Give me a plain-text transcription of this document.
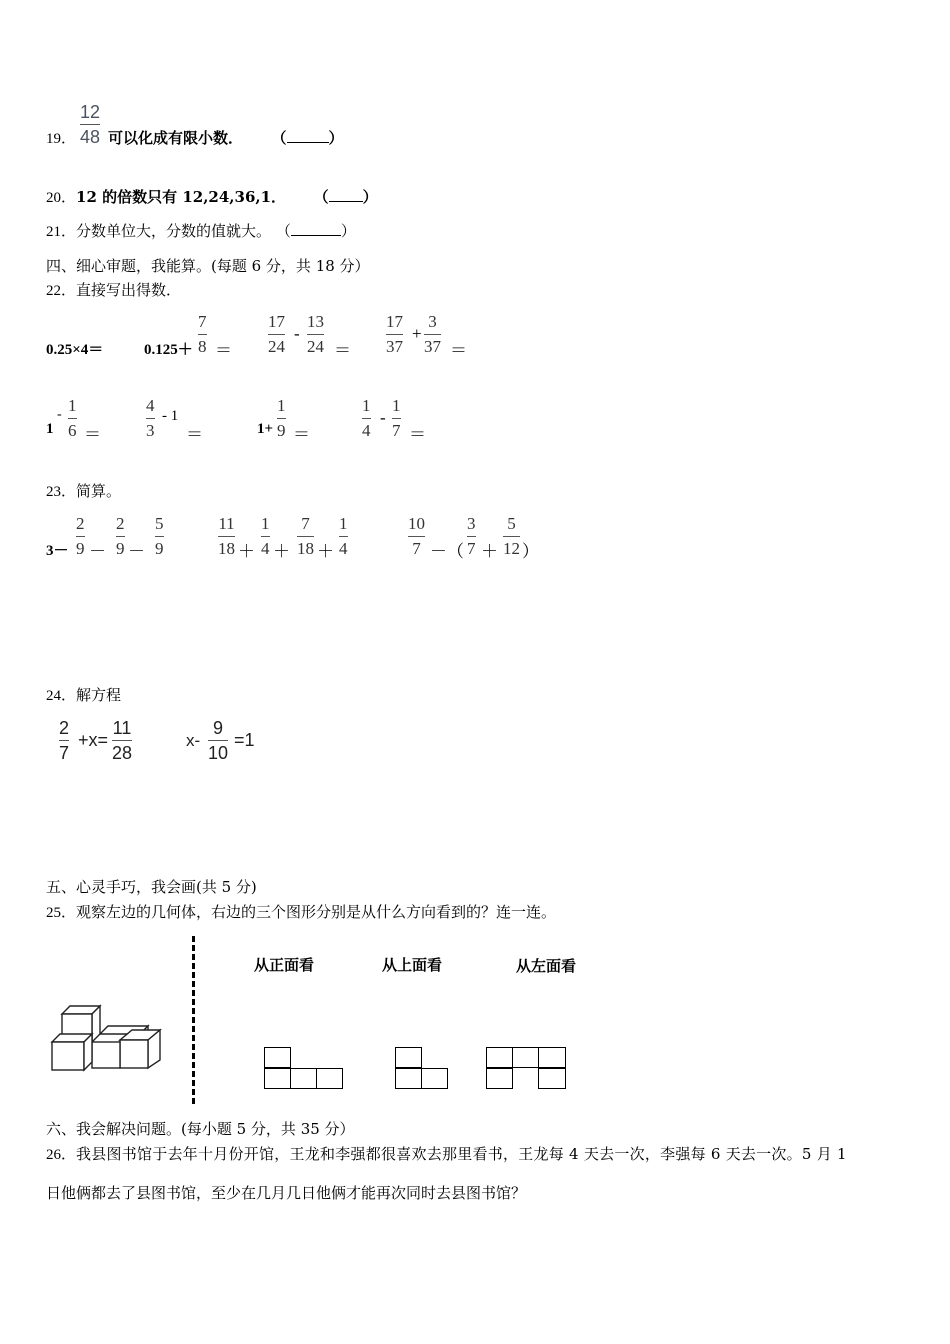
19．
12
48 可以化成有限小数． （	）
20．12 的倍数只有 12,24,36,1． （ ）
21．分数单位大，分数的值就大。 （	）
四、细心审题，我能算。(每题 6 分，共 18 分）
22．直接写出得数．
0.25×4＝	0.125＋
7
8 ＝
17
24
-
13
24 ＝
17
37
+
3
37 ＝
1
- 1
6 ＝
4
3
- 1
＝	1+
1
9 ＝
1
4
-
1
7 ＝
23．简算。
3－
2
9 －
2
9 －
5
9
11
18 ＋
1
4 ＋
7
18 ＋
1
4
10
7 －（
3
7 ＋
5
12 ）
24．解方程
2
7
+x=
11
28
x-
9
10
=1
五、心灵手巧，我会画(共 5 分)
25．观察左边的几何体，右边的三个图形分别是从什么方向看到的？连一连。
从正面看	从上面看	从左面看
六、我会解决问题。(每小题 5 分，共 35 分）
26．我县图书馆于去年十月份开馆，王龙和李强都很喜欢去那里看书，王龙每 4 天去一次，李强每 6 天去一次。5 月 1
日他俩都去了县图书馆，至少在几月几日他俩才能再次同时去县图书馆？
